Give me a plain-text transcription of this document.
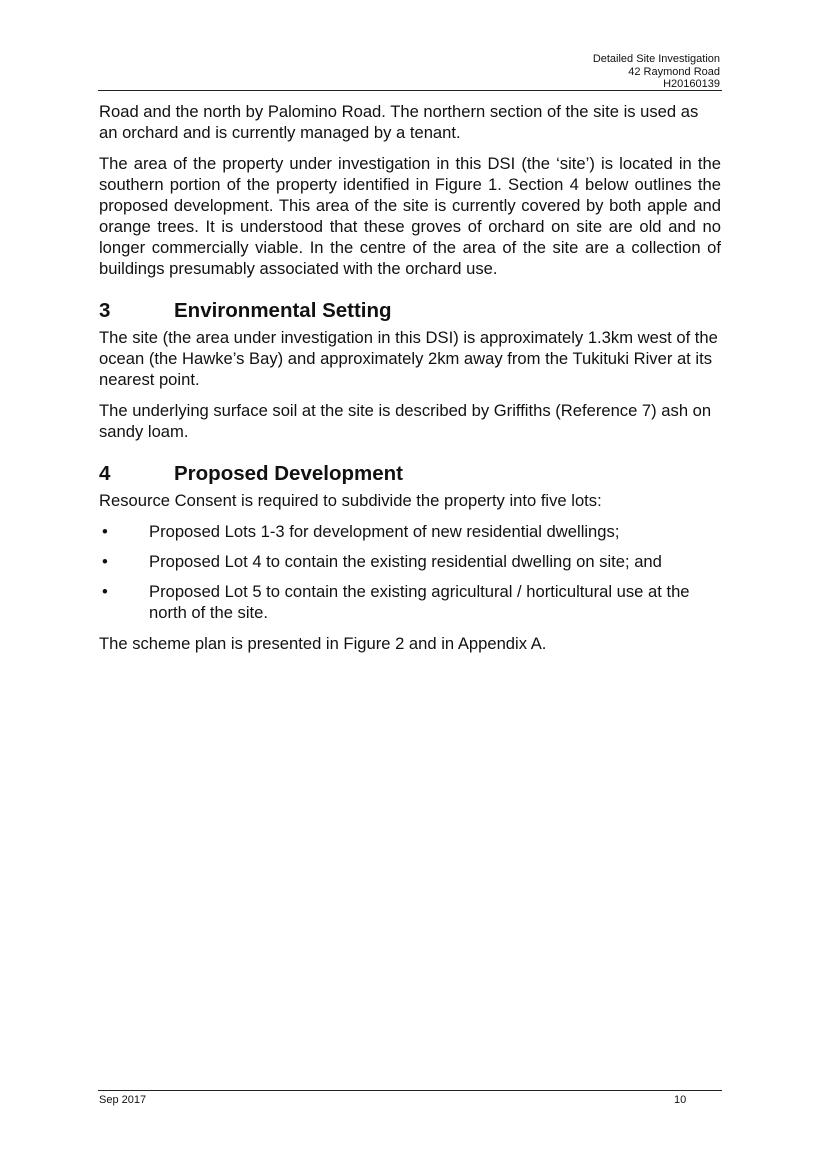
Detailed Site Investigation
42 Raymond Road
H20160139

Road and the north by Palomino Road. The northern section of the site is used as an orchard and is currently managed by a tenant.

The area of the property under investigation in this DSI (the ‘site’) is located in the southern portion of the property identified in Figure 1. Section 4 below outlines the proposed development. This area of the site is currently covered by both apple and orange trees. It is understood that these groves of orchard on site are old and no longer commercially viable. In the centre of the area of the site are a collection of buildings presumably associated with the orchard use.

3	Environmental Setting

The site (the area under investigation in this DSI) is approximately 1.3km west of the ocean (the Hawke’s Bay) and approximately 2km away from the Tukituki River at its nearest point.

The underlying surface soil at the site is described by Griffiths (Reference 7) ash on sandy loam.

4	Proposed Development

Resource Consent is required to subdivide the property into five lots:

•	Proposed Lots 1-3 for development of new residential dwellings;
•	Proposed Lot 4 to contain the existing residential dwelling on site; and
•	Proposed Lot 5 to contain the existing agricultural / horticultural use at the north of the site.

The scheme plan is presented in Figure 2 and in Appendix A.

Sep 2017	10
